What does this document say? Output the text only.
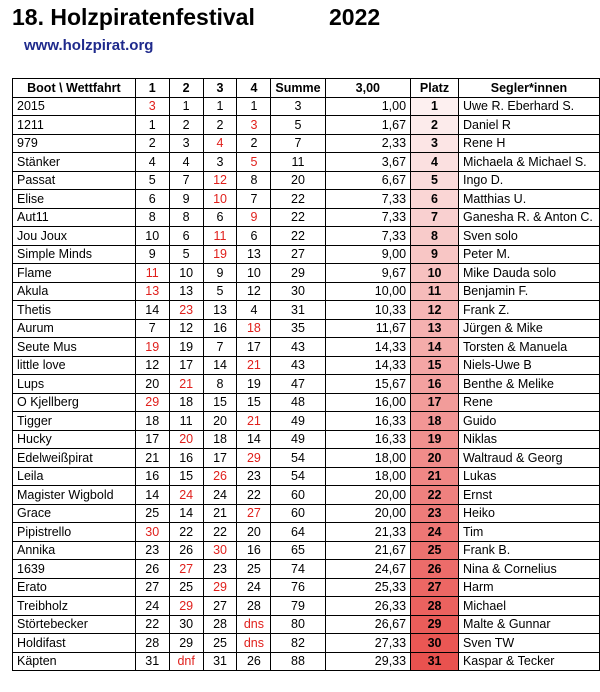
18. Holzpiratenfestival	2022
www.holzpirat.org
Boot \ Wettfahrt	1	2	3	4	Summe	3,00	Platz	Segler*innen
2015	3	1	1	1	3	1,00	1	Uwe R. Eberhard S.
1211	1	2	2	3	5	1,67	2	Daniel R
979	2	3	4	2	7	2,33	3	Rene H
Stänker	4	4	3	5	11	3,67	4	Michaela & Michael S.
Passat	5	7	12	8	20	6,67	5	Ingo D.
Elise	6	9	10	7	22	7,33	6	Matthias U.
Aut11	8	8	6	9	22	7,33	7	Ganesha R. & Anton C.
Jou Joux	10	6	11	6	22	7,33	8	Sven solo
Simple Minds	9	5	19	13	27	9,00	9	Peter M.
Flame	11	10	9	10	29	9,67	10	Mike Dauda solo
Akula	13	13	5	12	30	10,00	11	Benjamin F.
Thetis	14	23	13	4	31	10,33	12	Frank Z.
Aurum	7	12	16	18	35	11,67	13	Jürgen & Mike
Seute Mus	19	19	7	17	43	14,33	14	Torsten & Manuela
little love	12	17	14	21	43	14,33	15	Niels-Uwe B
Lups	20	21	8	19	47	15,67	16	Benthe & Melike
O Kjellberg	29	18	15	15	48	16,00	17	Rene
Tigger	18	11	20	21	49	16,33	18	Guido
Hucky	17	20	18	14	49	16,33	19	Niklas
Edelweißpirat	21	16	17	29	54	18,00	20	Waltraud & Georg
Leila	16	15	26	23	54	18,00	21	Lukas
Magister Wigbold	14	24	24	22	60	20,00	22	Ernst
Grace	25	14	21	27	60	20,00	23	Heiko
Pipistrello	30	22	22	20	64	21,33	24	Tim
Annika	23	26	30	16	65	21,67	25	Frank B.
1639	26	27	23	25	74	24,67	26	Nina & Cornelius
Erato	27	25	29	24	76	25,33	27	Harm
Treibholz	24	29	27	28	79	26,33	28	Michael
Störtebecker	22	30	28	dns	80	26,67	29	Malte & Gunnar
Holdifast	28	29	25	dns	82	27,33	30	Sven TW
Käpten	31	dnf	31	26	88	29,33	31	Kaspar & Tecker
